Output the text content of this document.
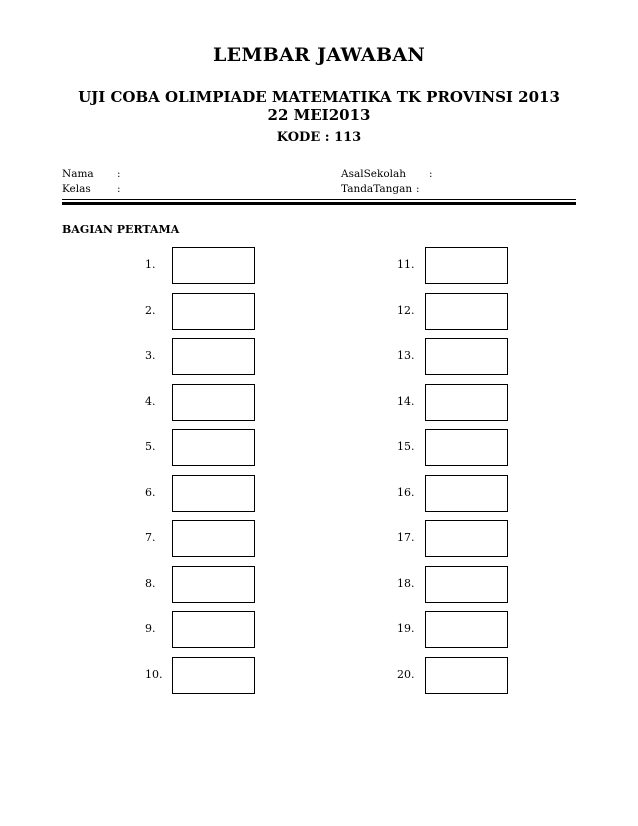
LEMBAR JAWABAN
UJI COBA OLIMPIADE MATEMATIKA TK PROVINSI 2013
22 MEI2013
KODE : 113
Nama :
Kelas :
AsalSekolah :
TandaTangan :
BAGIAN PERTAMA
1.
2.
3.
4.
5.
6.
7.
8.
9.
10.
11.
12.
13.
14.
15.
16.
17.
18.
19.
20.
